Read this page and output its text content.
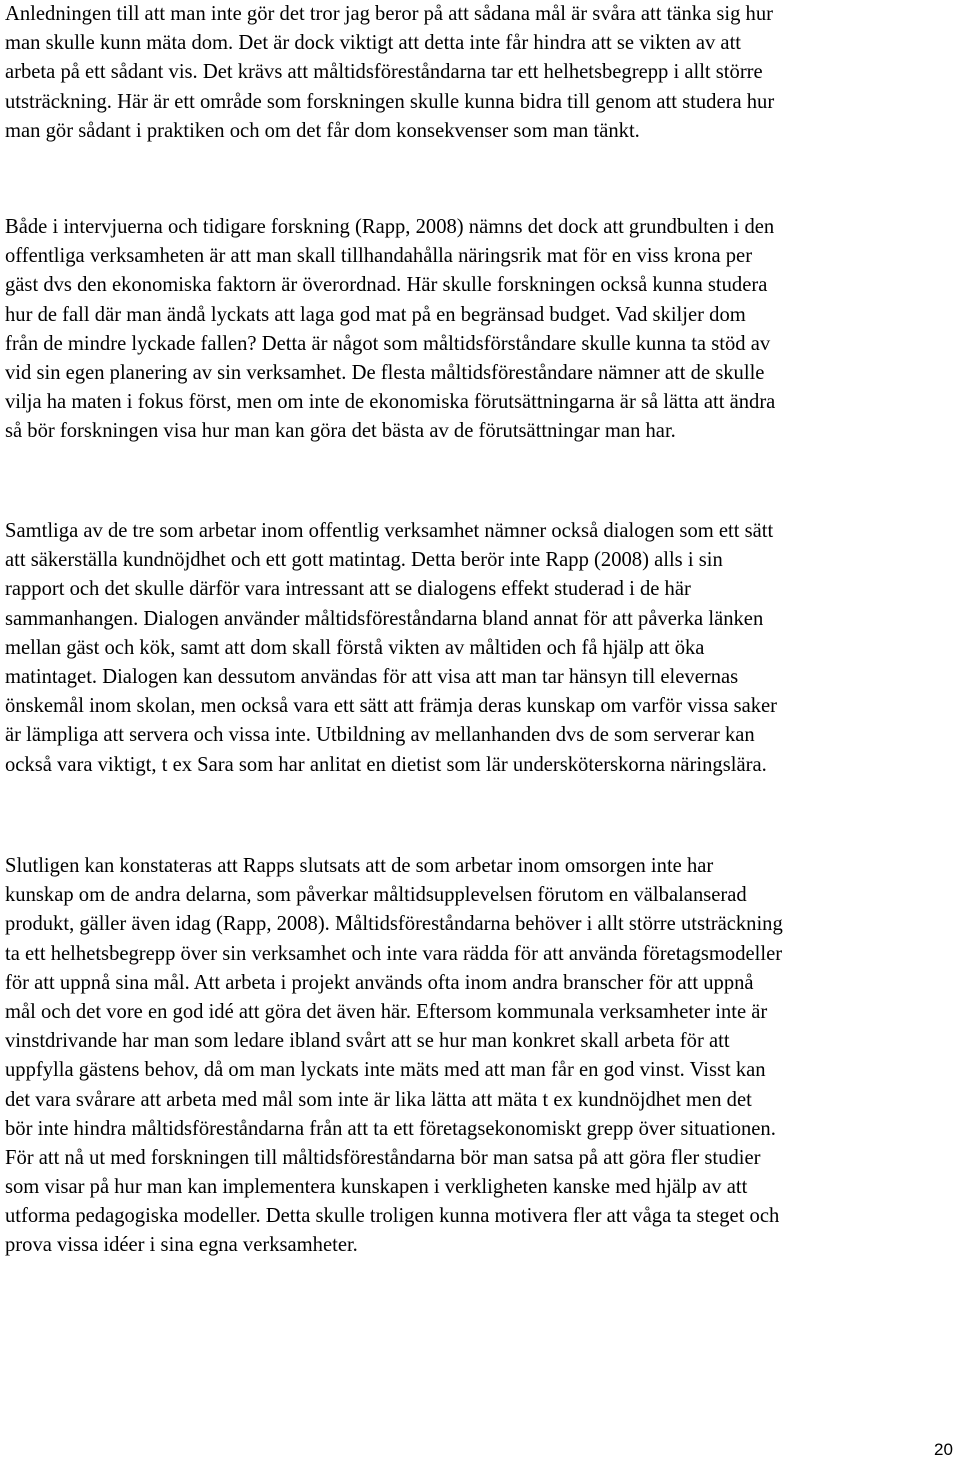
Anledningen till att man inte gör det tror jag beror på att sådana mål är svåra att tänka sig hur
man skulle kunn mäta dom. Det är dock viktigt att detta inte får hindra att se vikten av att
arbeta på ett sådant vis. Det krävs att måltidsföreståndarna tar ett helhetsbegrepp i allt större
utsträckning. Här är ett område som forskningen skulle kunna bidra till genom att studera hur
man gör sådant i praktiken och om det får dom konsekvenser som man tänkt.

Både i intervjuerna och tidigare forskning (Rapp, 2008) nämns det dock att grundbulten i den
offentliga verksamheten är att man skall tillhandahålla näringsrik mat för en viss krona per
gäst dvs den ekonomiska faktorn är överordnad. Här skulle forskningen också kunna studera
hur de fall där man ändå lyckats att laga god mat på en begränsad budget. Vad skiljer dom
från de mindre lyckade fallen? Detta är något som måltidsförståndare skulle kunna ta stöd av
vid sin egen planering av sin verksamhet. De flesta måltidsföreståndare nämner att de skulle
vilja ha maten i fokus först, men om inte de ekonomiska förutsättningarna är så lätta att ändra
så bör forskningen visa hur man kan göra det bästa av de förutsättningar man har.

Samtliga av de tre som arbetar inom offentlig verksamhet nämner också dialogen som ett sätt
att säkerställa kundnöjdhet och ett gott matintag. Detta berör inte Rapp (2008) alls i sin
rapport och det skulle därför vara intressant att se dialogens effekt studerad i de här
sammanhangen. Dialogen använder måltidsföreståndarna bland annat för att påverka länken
mellan gäst och kök, samt att dom skall förstå vikten av måltiden och få hjälp att öka
matintaget. Dialogen kan dessutom användas för att visa att man tar hänsyn till elevernas
önskemål inom skolan, men också vara ett sätt att främja deras kunskap om varför vissa saker
är lämpliga att servera och vissa inte. Utbildning av mellanhanden dvs de som serverar kan
också vara viktigt, t ex Sara som har anlitat en dietist som lär undersköterskorna näringslära.

Slutligen kan konstateras att Rapps slutsats att de som arbetar inom omsorgen inte har
kunskap om de andra delarna, som påverkar måltidsupplevelsen förutom en välbalanserad
produkt, gäller även idag (Rapp, 2008). Måltidsföreståndarna behöver i allt större utsträckning
ta ett helhetsbegrepp över sin verksamhet och inte vara rädda för att använda företagsmodeller
för att uppnå sina mål. Att arbeta i projekt används ofta inom andra branscher för att uppnå
mål och det vore en god idé att göra det även här. Eftersom kommunala verksamheter inte är
vinstdrivande har man som ledare ibland svårt att se hur man konkret skall arbeta för att
uppfylla gästens behov, då om man lyckats inte mäts med att man får en god vinst. Visst kan
det vara svårare att arbeta med mål som inte är lika lätta att mäta t ex kundnöjdhet men det
bör inte hindra måltidsföreståndarna från att ta ett företagsekonomiskt grepp över situationen.
För att nå ut med forskningen till måltidsföreståndarna bör man satsa på att göra fler studier
som visar på hur man kan implementera kunskapen i verkligheten kanske med hjälp av att
utforma pedagogiska modeller. Detta skulle troligen kunna motivera fler att våga ta steget och
prova vissa idéer i sina egna verksamheter.

20
